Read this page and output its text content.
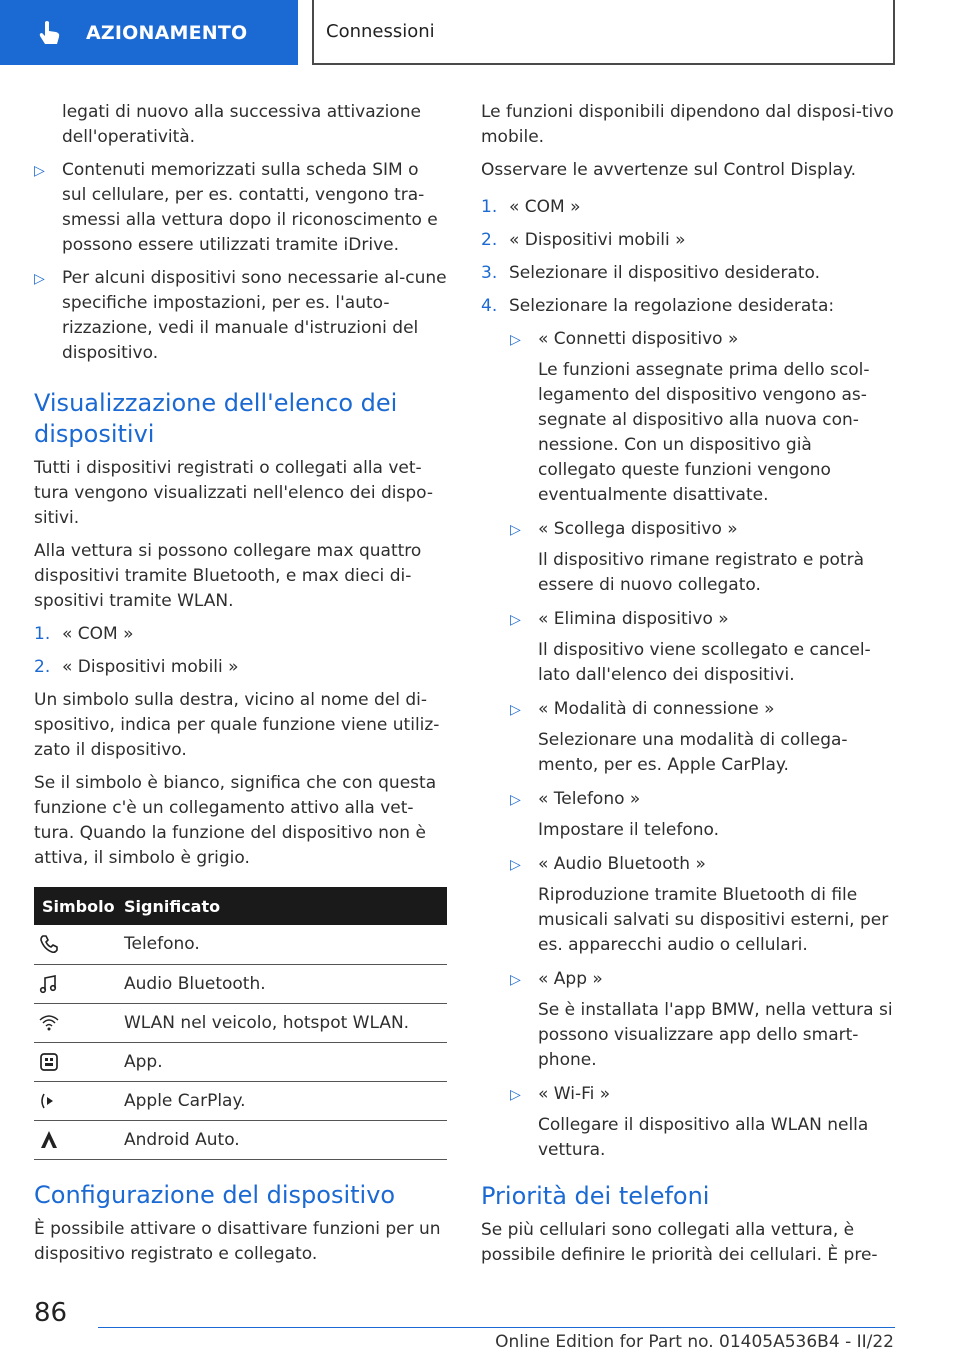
AZIONAMENTO	Connessioni
legati di nuovo alla successiva attivazione dell'operatività.
▷ Contenuti memorizzati sulla scheda SIM o sul cellulare, per es. contatti, vengono tra-smessi alla vettura dopo il riconoscimento e possono essere utilizzati tramite iDrive.
▷ Per alcuni dispositivi sono necessarie al-cune specifiche impostazioni, per es. l'auto-rizzazione, vedi il manuale d'istruzioni del dispositivo.
Visualizzazione dell'elenco dei dispositivi
Tutti i dispositivi registrati o collegati alla vet-tura vengono visualizzati nell'elenco dei dispo-sitivi.
Alla vettura si possono collegare max quattro dispositivi tramite Bluetooth, e max dieci di-spositivi tramite WLAN.
1. « COM »
2. « Dispositivi mobili »
Un simbolo sulla destra, vicino al nome del di-spositivo, indica per quale funzione viene utiliz-zato il dispositivo.
Se il simbolo è bianco, significa che con questa funzione c'è un collegamento attivo alla vet-tura. Quando la funzione del dispositivo non è attiva, il simbolo è grigio.
Simbolo	Significato

	Telefono.

	Audio Bluetooth.

	WLAN nel veicolo, hotspot WLAN.

	App.

	Apple CarPlay.

	Android Auto.
Configurazione del dispositivo
È possibile attivare o disattivare funzioni per un dispositivo registrato e collegato.
Le funzioni disponibili dipendono dal disposi-tivo mobile.
Osservare le avvertenze sul Control Display.
1. « COM »
2. « Dispositivi mobili »
3. Selezionare il dispositivo desiderato.
4. Selezionare la regolazione desiderata:
▷ « Connetti dispositivo »
Le funzioni assegnate prima dello scol-legamento del dispositivo vengono as-segnate al dispositivo alla nuova con-nessione. Con un dispositivo già collegato queste funzioni vengono eventualmente disattivate.
▷ « Scollega dispositivo »
Il dispositivo rimane registrato e potrà essere di nuovo collegato.
▷ « Elimina dispositivo »
Il dispositivo viene scollegato e cancel-lato dall'elenco dei dispositivi.
▷ « Modalità di connessione »
Selezionare una modalità di collega-mento, per es. Apple CarPlay.
▷ « Telefono »
Impostare il telefono.
▷ « Audio Bluetooth »
Riproduzione tramite Bluetooth di file musicali salvati su dispositivi esterni, per es. apparecchi audio o cellulari.
▷ « App »
Se è installata l'app BMW, nella vettura si possono visualizzare app dello smart-phone.
▷ « Wi-Fi »
Collegare il dispositivo alla WLAN nella vettura.
Priorità dei telefoni
Se più cellulari sono collegati alla vettura, è possibile definire le priorità dei cellulari. È pre-
86
Online Edition for Part no. 01405A536B4 - II/22
